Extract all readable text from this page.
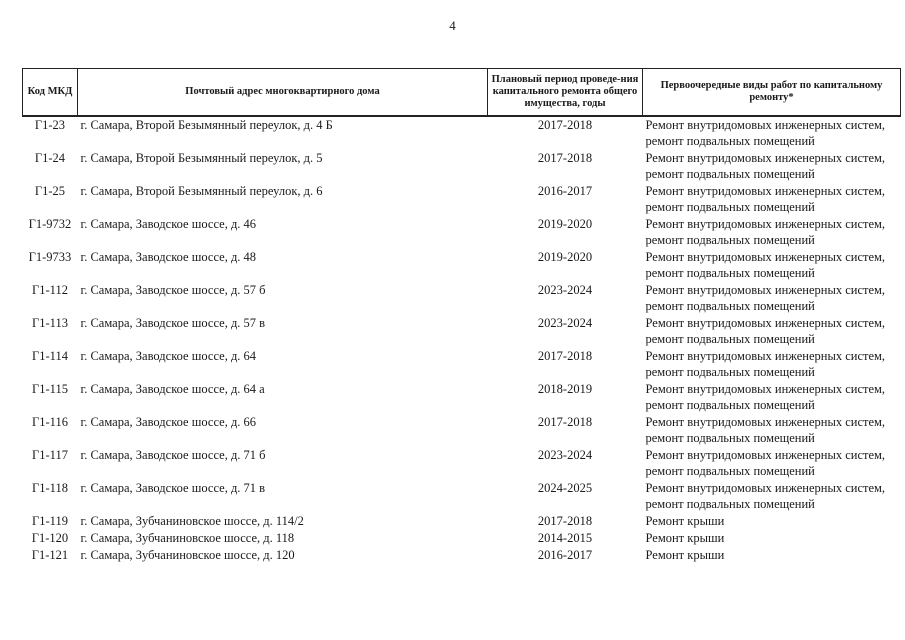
4
Код МКД	Почтовый адрес многоквартирного дома	Плановый период проведе-ния капитального ремонта общего имущества, годы	Первоочередные виды работ по капитальному ремонту*
Г1-23	г. Самара, Второй Безымянный переулок, д. 4 Б	2017-2018	Ремонт внутридомовых инженерных систем,
ремонт подвальных помещений

Г1-24	г. Самара, Второй Безымянный переулок, д. 5	2017-2018	Ремонт внутридомовых инженерных систем,
ремонт подвальных помещений

Г1-25	г. Самара, Второй Безымянный переулок, д. 6	2016-2017	Ремонт внутридомовых инженерных систем,
ремонт подвальных помещений

Г1-9732	г. Самара, Заводское шоссе, д. 46	2019-2020	Ремонт внутридомовых инженерных систем,
ремонт подвальных помещений

Г1-9733	г. Самара, Заводское шоссе, д. 48	2019-2020	Ремонт внутридомовых инженерных систем,
ремонт подвальных помещений

Г1-112	г. Самара, Заводское шоссе, д. 57 б	2023-2024	Ремонт внутридомовых инженерных систем,
ремонт подвальных помещений

Г1-113	г. Самара, Заводское шоссе, д. 57 в	2023-2024	Ремонт внутридомовых инженерных систем,
ремонт подвальных помещений

Г1-114	г. Самара, Заводское шоссе, д. 64	2017-2018	Ремонт внутридомовых инженерных систем,
ремонт подвальных помещений

Г1-115	г. Самара, Заводское шоссе, д. 64 а	2018-2019	Ремонт внутридомовых инженерных систем,
ремонт подвальных помещений

Г1-116	г. Самара, Заводское шоссе, д. 66	2017-2018	Ремонт внутридомовых инженерных систем,
ремонт подвальных помещений

Г1-117	г. Самара, Заводское шоссе, д. 71 б	2023-2024	Ремонт внутридомовых инженерных систем,
ремонт подвальных помещений

Г1-118	г. Самара, Заводское шоссе, д. 71 в	2024-2025	Ремонт внутридомовых инженерных систем,
ремонт подвальных помещений

Г1-119	г. Самара, Зубчаниновское шоссе, д. 114/2	2017-2018	Ремонт крыши

Г1-120	г. Самара, Зубчаниновское шоссе, д. 118	2014-2015	Ремонт крыши

Г1-121	г. Самара, Зубчаниновское шоссе, д. 120	2016-2017	Ремонт крыши
